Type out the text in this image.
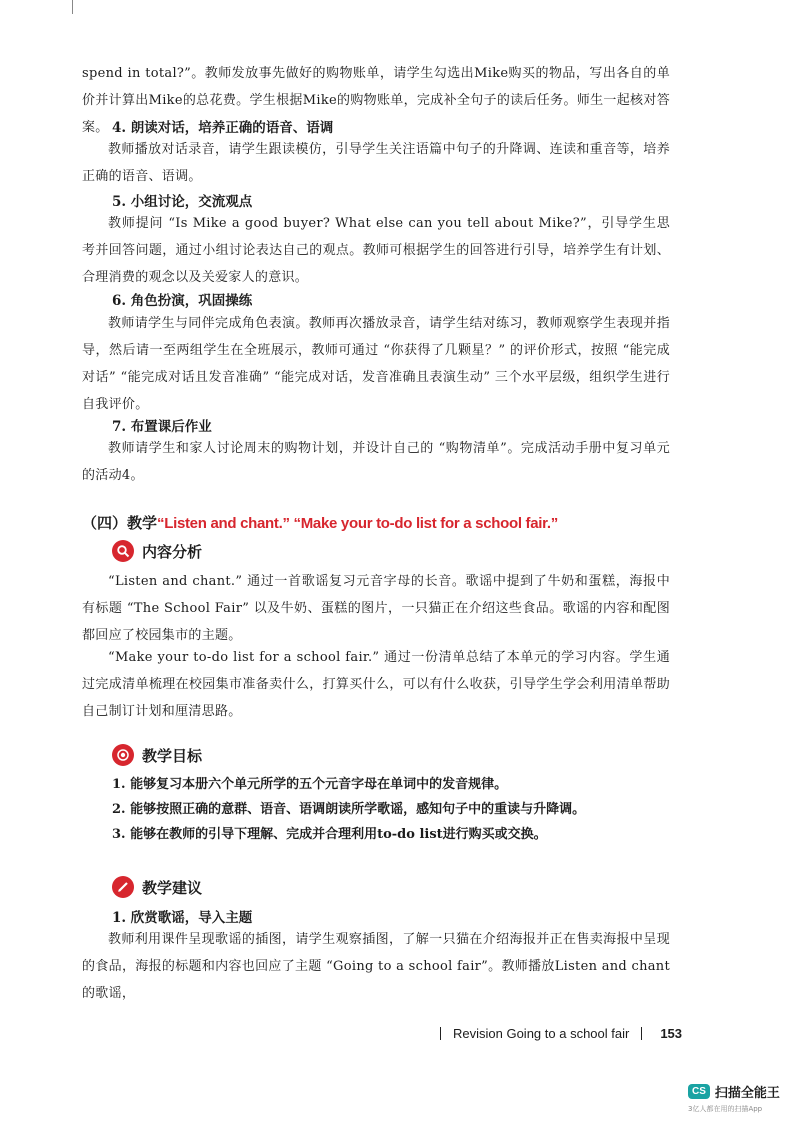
spend in total?”。教师发放事先做好的购物账单，请学生勾选出Mike购买的物品，写出各自的单价并计算出Mike的总花费。学生根据Mike的购物账单，完成补全句子的读后任务。师生一起核对答案。 4. 朗读对话，培养正确的语音、语调

教师播放对话录音，请学生跟读模仿，引导学生关注语篇中句子的升降调、连读和重音等，培养正确的语音、语调。

5. 小组讨论，交流观点

教师提问 “Is Mike a good buyer? What else can you tell about Mike?”，引导学生思考并回答问题，通过小组讨论表达自己的观点。教师可根据学生的回答进行引导，培养学生有计划、合理消费的观念以及关爱家人的意识。

6. 角色扮演，巩固操练

教师请学生与同伴完成角色表演。教师再次播放录音，请学生结对练习，教师观察学生表现并指导，然后请一至两组学生在全班展示，教师可通过 “你获得了几颗星？” 的评价形式，按照 “能完成对话” “能完成对话且发音准确” “能完成对话，发音准确且表演生动” 三个水平层级，组织学生进行自我评价。

7. 布置课后作业

教师请学生和家人讨论周末的购物计划，并设计自己的 “购物清单”。完成活动手册中复习单元的活动4。

（四）教学“Listen and chant.” “Make your to-do list for a school fair.”

内容分析

“Listen and chant.” 通过一首歌谣复习元音字母的长音。歌谣中提到了牛奶和蛋糕，海报中有标题 “The School Fair” 以及牛奶、蛋糕的图片，一只猫正在介绍这些食品。歌谣的内容和配图都回应了校园集市的主题。

“Make your to-do list for a school fair.” 通过一份清单总结了本单元的学习内容。学生通过完成清单梳理在校园集市准备卖什么，打算买什么，可以有什么收获，引导学生学会利用清单帮助自己制订计划和厘清思路。

教学目标
1. 能够复习本册六个单元所学的五个元音字母在单词中的发音规律。
2. 能够按照正确的意群、语音、语调朗读所学歌谣，感知句子中的重读与升降调。
3. 能够在教师的引导下理解、完成并合理利用to-do list进行购买或交换。
教学建议

1. 欣赏歌谣，导入主题

教师利用课件呈现歌谣的插图，请学生观察插图，了解一只猫在介绍海报并正在售卖海报中呈现的食品，海报的标题和内容也回应了主题 “Going to a school fair”。教师播放Listen and chant的歌谣，

Revision Going to a school fair 153
CS 扫描全能王
3亿人都在用的扫描App
